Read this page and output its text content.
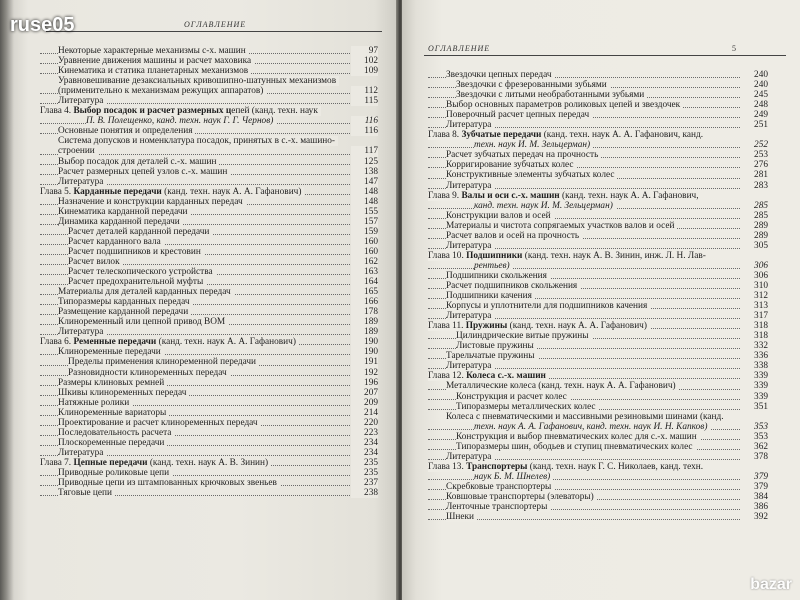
ОГЛАВЛЕНИЕ
Некоторые характерные механизмы с-х. машин	97
Уравнение движения машины и расчет маховика	102
Кинематика и статика планетарных механизмов	109
Уравновешивание дезаксиальных кривошипно-шатунных механизмов
(применительно к механизмам режущих аппаратов)	112
Литература	115
Глава 4. Выбор посадок и расчет размерных цепей (канд. техн. наук
П. В. Полещенко, канд. техн. наук Г. Г. Чернов)	116
Основные понятия и определения	116
Система допусков и номенклатура посадок, принятых в с.-х. машино-
строении	117
Выбор посадок для деталей с.-х. машин	125
Расчет размерных цепей узлов с.-х. машин	138
Литература	147
Глава 5. Карданные передачи (канд. техн. наук А. А. Гафанович)	148
Назначение и конструкции карданных передач	148
Кинематика карданной передачи	155
Динамика карданной передачи	157
Расчет деталей карданной передачи	159
Расчет карданного вала	160
Расчет подшипников и крестовин	160
Расчет вилок	162
Расчет телескопического устройства	163
Расчет предохранительной муфты	164
Материалы для деталей карданных передач	165
Типоразмеры карданных передач	166
Размещение карданной передачи	178
Клиноременный или цепной привод ВОМ	189
Литература	189
Глава 6. Ременные передачи (канд. техн. наук А. А. Гафанович)	190
Клиноременные передачи	190
Пределы применения клиноременной передачи	191
Разновидности клиноременных передач	192
Размеры клиновых ремней	196
Шкивы клиноременных передач	207
Натяжные ролики	209
Клиноременные вариаторы	214
Проектирование и расчет клиноременных передач	220
Последовательность расчета	223
Плоскоременные передачи	234
Литература	234
Глава 7. Цепные передачи (канд. техн. наук А. В. Зинин)	235
Приводные роликовые цепи	235
Приводные цепи из штампованных крючковых звеньев	237
Тяговые цепи	238
ОГЛАВЛЕНИЕ	5
Звездочки цепных передач	240
Звездочки с фрезерованными зубьями	240
Звездочки с литыми необработанными зубьями	245
Выбор основных параметров роликовых цепей и звездочек	248
Поверочный расчет цепных передач	249
Литература	251
Глава 8. Зубчатые передачи (канд. техн. наук А. А. Гафанович, канд.
техн. наук И. М. Зельцерман)	252
Расчет зубчатых передач на прочность	253
Корригирование зубчатых колес	276
Конструктивные элементы зубчатых колес	281
Литература	283
Глава 9. Валы и оси с.-х. машин (канд. техн. наук А. А. Гафанович,
канд. техн. наук И. М. Зельцерман)	285
Конструкции валов и осей	285
Материалы и чистота сопрягаемых участков валов и осей	289
Расчет валов и осей на прочность	289
Литература	305
Глава 10. Подшипники (канд. техн. наук А. В. Зинин, инж. Л. Н. Лав-
рентьев)	306
Подшипники скольжения	306
Расчет подшипников скольжения	310
Подшипники качения	312
Корпусы и уплотнители для подшипников качения	313
Литература	317
Глава 11. Пружины (канд. техн. наук А. А. Гафанович)	318
Цилиндрические витые пружины	318
Листовые пружины	332
Тарельчатые пружины	336
Литература	338
Глава 12. Колеса с.-х. машин	339
Металлические колеса (канд. техн. наук А. А. Гафанович)	339
Конструкция и расчет колес	339
Типоразмеры металлических колес	351
Колеса с пневматическими и массивными резиновыми шинами (канд.
техн. наук А. А. Гафанович, канд. техн. наук И. Н. Капков)	353
Конструкция и выбор пневматических колес для с.-х. машин	353
Типоразмеры шин, ободьев и ступиц пневматических колес	362
Литература	378
Глава 13. Транспортеры (канд. техн. наук Г. С. Николаев, канд. техн.
наук Б. М. Шнелев)	379
Скребковые транспортеры	379
Ковшовые транспортеры (элеваторы)	384
Ленточные транспортеры	386
Шнеки	392
ruse05
bazar
